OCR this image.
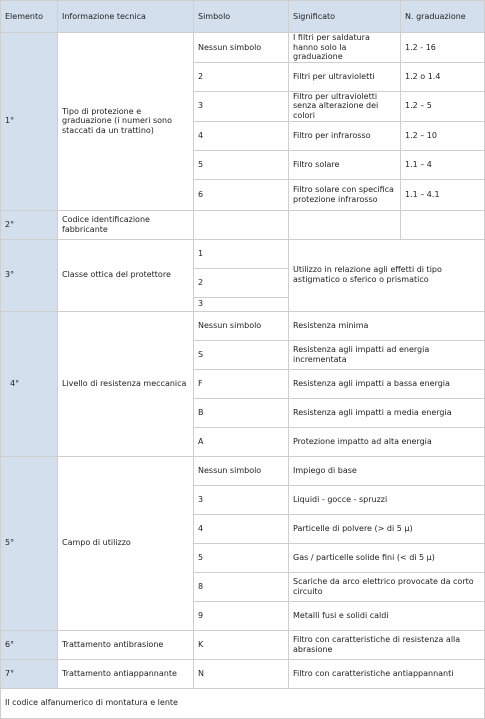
Elemento	Informazione tecnica	Simbolo	Significato	N. graduazione
1°	Tipo di protezione e graduazione (i numeri sono staccati da un trattino)	Nessun simbolo	I filtri per saldatura hanno solo la graduazione	1.2 - 16
		2	Filtri per ultravioletti	1.2 o 1.4
		3	Filtro per ultravioletti senza alterazione dei colori	1.2 – 5
		4	Filtro per infrarosso	1.2 – 10
		5	Filtro solare	1.1 – 4
		6	Filtro solare con specifica protezione infrarosso	1.1 – 4.1
2°	Codice identificazione fabbricante			
3°	Classe ottica del protettore	1	Utilizzo in relazione agli effetti di tipo astigmatico o sferico o prismatico	
		2		
		3		
4°	Livello di resistenza meccanica	Nessun simbolo	Resistenza minima	
		S	Resistenza agli impatti ad energia incrementata	
		F	Resistenza agli impatti a bassa energia	
		B	Resistenza agli impatti a media energia	
		A	Protezione impatto ad alta energia	
5°	Campo di utilizzo	Nessun simbolo	Impiego di base	
		3	Liquidi - gocce - spruzzi	
		4	Particelle di polvere (> di 5 µ)	
		5	Gas / particelle solide fini (< di 5 µ)	
		8	Scariche da arco elettrico provocate da corto circuito	
		9	Metalli fusi e solidi caldi	
6°	Trattamento antibrasione	K	Filtro con caratteristiche di resistenza alla abrasione	
7°	Trattamento antiappannante	N	Filtro con caratteristiche antiappannanti	
Il codice alfanumerico di montatura e lente				
